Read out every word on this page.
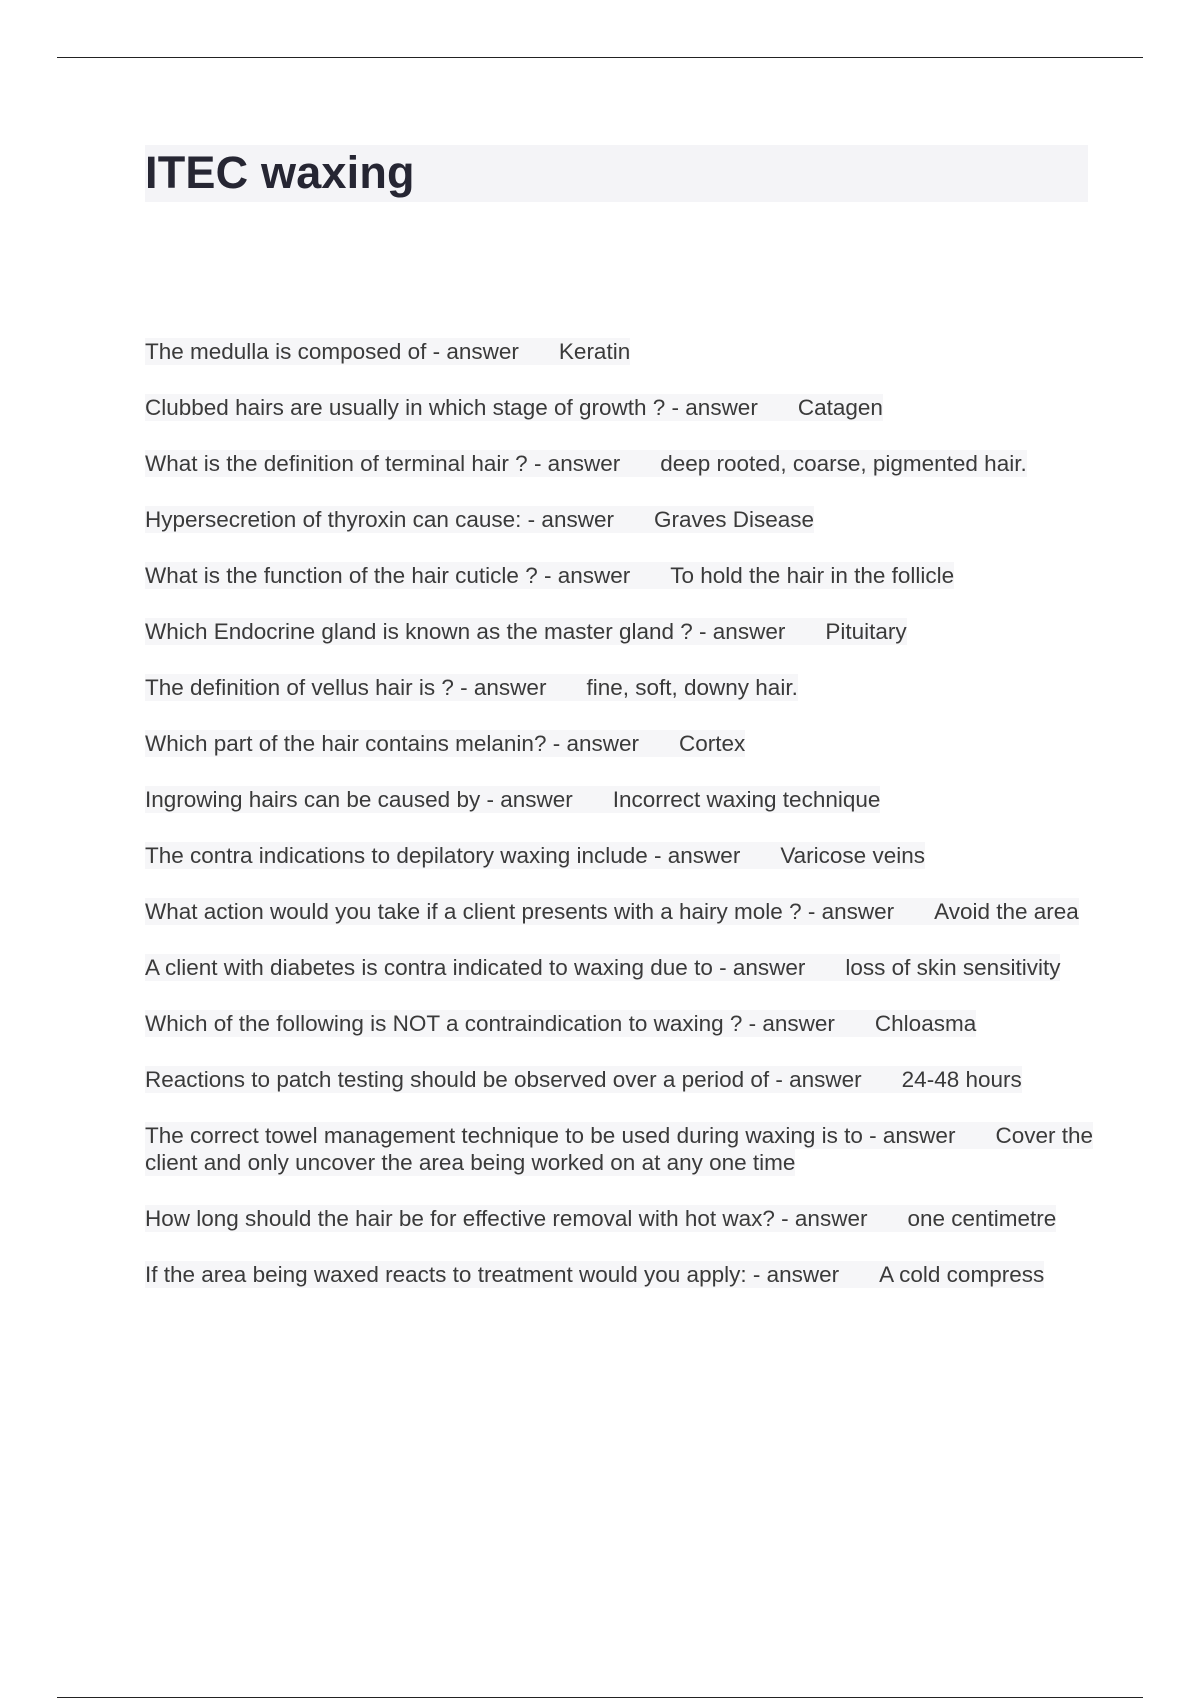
ITEC waxing
The medulla is composed of - answer Keratin
Clubbed hairs are usually in which stage of growth ? - answer Catagen
What is the definition of terminal hair ? - answer deep rooted, coarse, pigmented hair.
Hypersecretion of thyroxin can cause: - answer Graves Disease
What is the function of the hair cuticle ? - answer To hold the hair in the follicle
Which Endocrine gland is known as the master gland ? - answer Pituitary
The definition of vellus hair is ? - answer fine, soft, downy hair.
Which part of the hair contains melanin? - answer Cortex
Ingrowing hairs can be caused by - answer Incorrect waxing technique
The contra indications to depilatory waxing include - answer Varicose veins
What action would you take if a client presents with a hairy mole ? - answer Avoid the area
A client with diabetes is contra indicated to waxing due to - answer loss of skin sensitivity
Which of the following is NOT a contraindication to waxing ? - answer Chloasma
Reactions to patch testing should be observed over a period of - answer 24-48 hours
The correct towel management technique to be used during waxing is to - answer Cover the client and only uncover the area being worked on at any one time
How long should the hair be for effective removal with hot wax? - answer one centimetre
If the area being waxed reacts to treatment would you apply: - answer A cold compress
